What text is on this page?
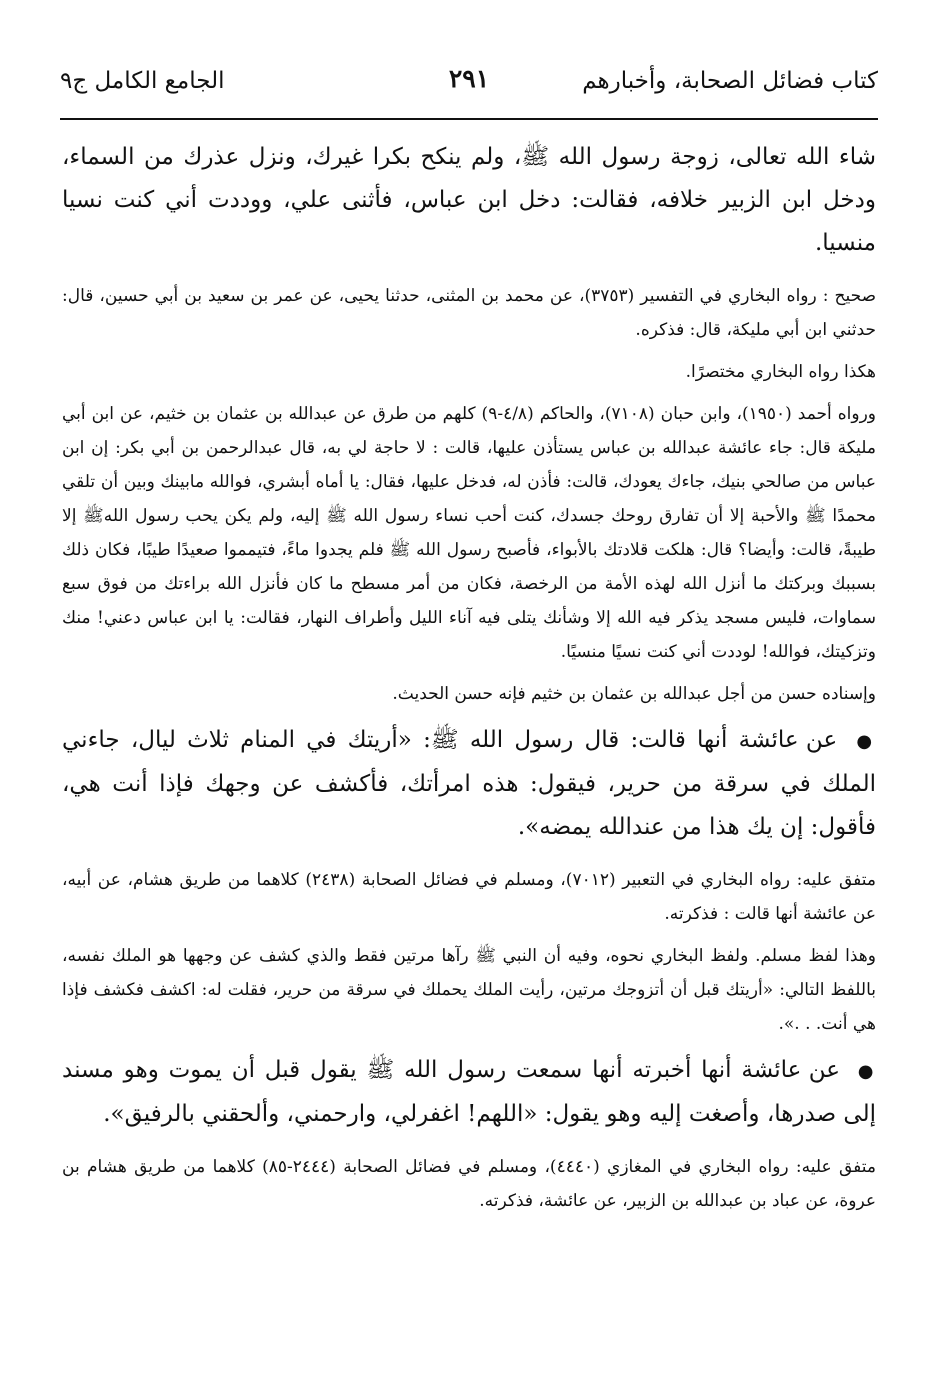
كتاب فضائل الصحابة، وأخبارهم
٢٩١
الجامع الكامل ج٩

شاء الله تعالى، زوجة رسول الله ﷺ، ولم ينكح بكرا غيرك، ونزل عذرك من السماء، ودخل ابن الزبير خلافه، فقالت: دخل ابن عباس، فأثنى علي، ووددت أني كنت نسيا منسيا.

صحيح : رواه البخاري في التفسير (٣٧٥٣)، عن محمد بن المثنى، حدثنا يحيى، عن عمر بن سعيد بن أبي حسين، قال: حدثني ابن أبي مليكة، قال: فذكره.

هكذا رواه البخاري مختصرًا.

ورواه أحمد (١٩٥٠)، وابن حبان (٧١٠٨)، والحاكم (٤/٨-٩) كلهم من طرق عن عبدالله بن عثمان بن خثيم، عن ابن أبي مليكة قال: جاء عائشة عبدالله بن عباس يستأذن عليها، قالت : لا حاجة لي به، قال عبدالرحمن بن أبي بكر: إن ابن عباس من صالحي بنيك، جاءك يعودك، قالت: فأذن له، فدخل عليها، فقال: يا أماه أبشري، فوالله مابينك وبين أن تلقي محمدًا ﷺ والأحبة إلا أن تفارق روحك جسدك، كنت أحب نساء رسول الله ﷺ إليه، ولم يكن يحب رسول اللهﷺ إلا طيبةً، قالت: وأيضا؟ قال: هلكت قلادتك بالأبواء، فأصبح رسول الله ﷺ فلم يجدوا ماءً، فتيمموا صعيدًا طيبًا، فكان ذلك بسببك وبركتك ما أنزل الله لهذه الأمة من الرخصة، فكان من أمر مسطح ما كان فأنزل الله براءتك من فوق سبع سماوات، فليس مسجد يذكر فيه الله إلا وشأنك يتلى فيه آناء الليل وأطراف النهار، فقالت: يا ابن عباس دعني! منك وتزكيتك، فوالله! لوددت أني كنت نسيًا منسيًا.

وإسناده حسن من أجل عبدالله بن عثمان بن خثيم فإنه حسن الحديث.

● عن عائشة أنها قالت: قال رسول الله ﷺ: «أريتك في المنام ثلاث ليال، جاءني الملك في سرقة من حرير، فيقول: هذه امرأتك، فأكشف عن وجهك فإذا أنت هي، فأقول: إن يك هذا من عندالله يمضه».

متفق عليه: رواه البخاري في التعبير (٧٠١٢)، ومسلم في فضائل الصحابة (٢٤٣٨) كلاهما من طريق هشام، عن أبيه، عن عائشة أنها قالت : فذكرته.

وهذا لفظ مسلم. ولفظ البخاري نحوه، وفيه أن النبي ﷺ رآها مرتين فقط والذي كشف عن وجهها هو الملك نفسه، باللفظ التالي: «أريتك قبل أن أتزوجك مرتين، رأيت الملك يحملك في سرقة من حرير، فقلت له: اكشف فكشف فإذا هي أنت. . .».

● عن عائشة أنها أخبرته أنها سمعت رسول الله ﷺ يقول قبل أن يموت وهو مسند إلى صدرها، وأصغت إليه وهو يقول: «اللهم! اغفرلي، وارحمني، وألحقني بالرفيق».

متفق عليه: رواه البخاري في المغازي (٤٤٤٠)، ومسلم في فضائل الصحابة (٢٤٤٤-٨٥) كلاهما من طريق هشام بن عروة، عن عباد بن عبدالله بن الزبير، عن عائشة، فذكرته.
